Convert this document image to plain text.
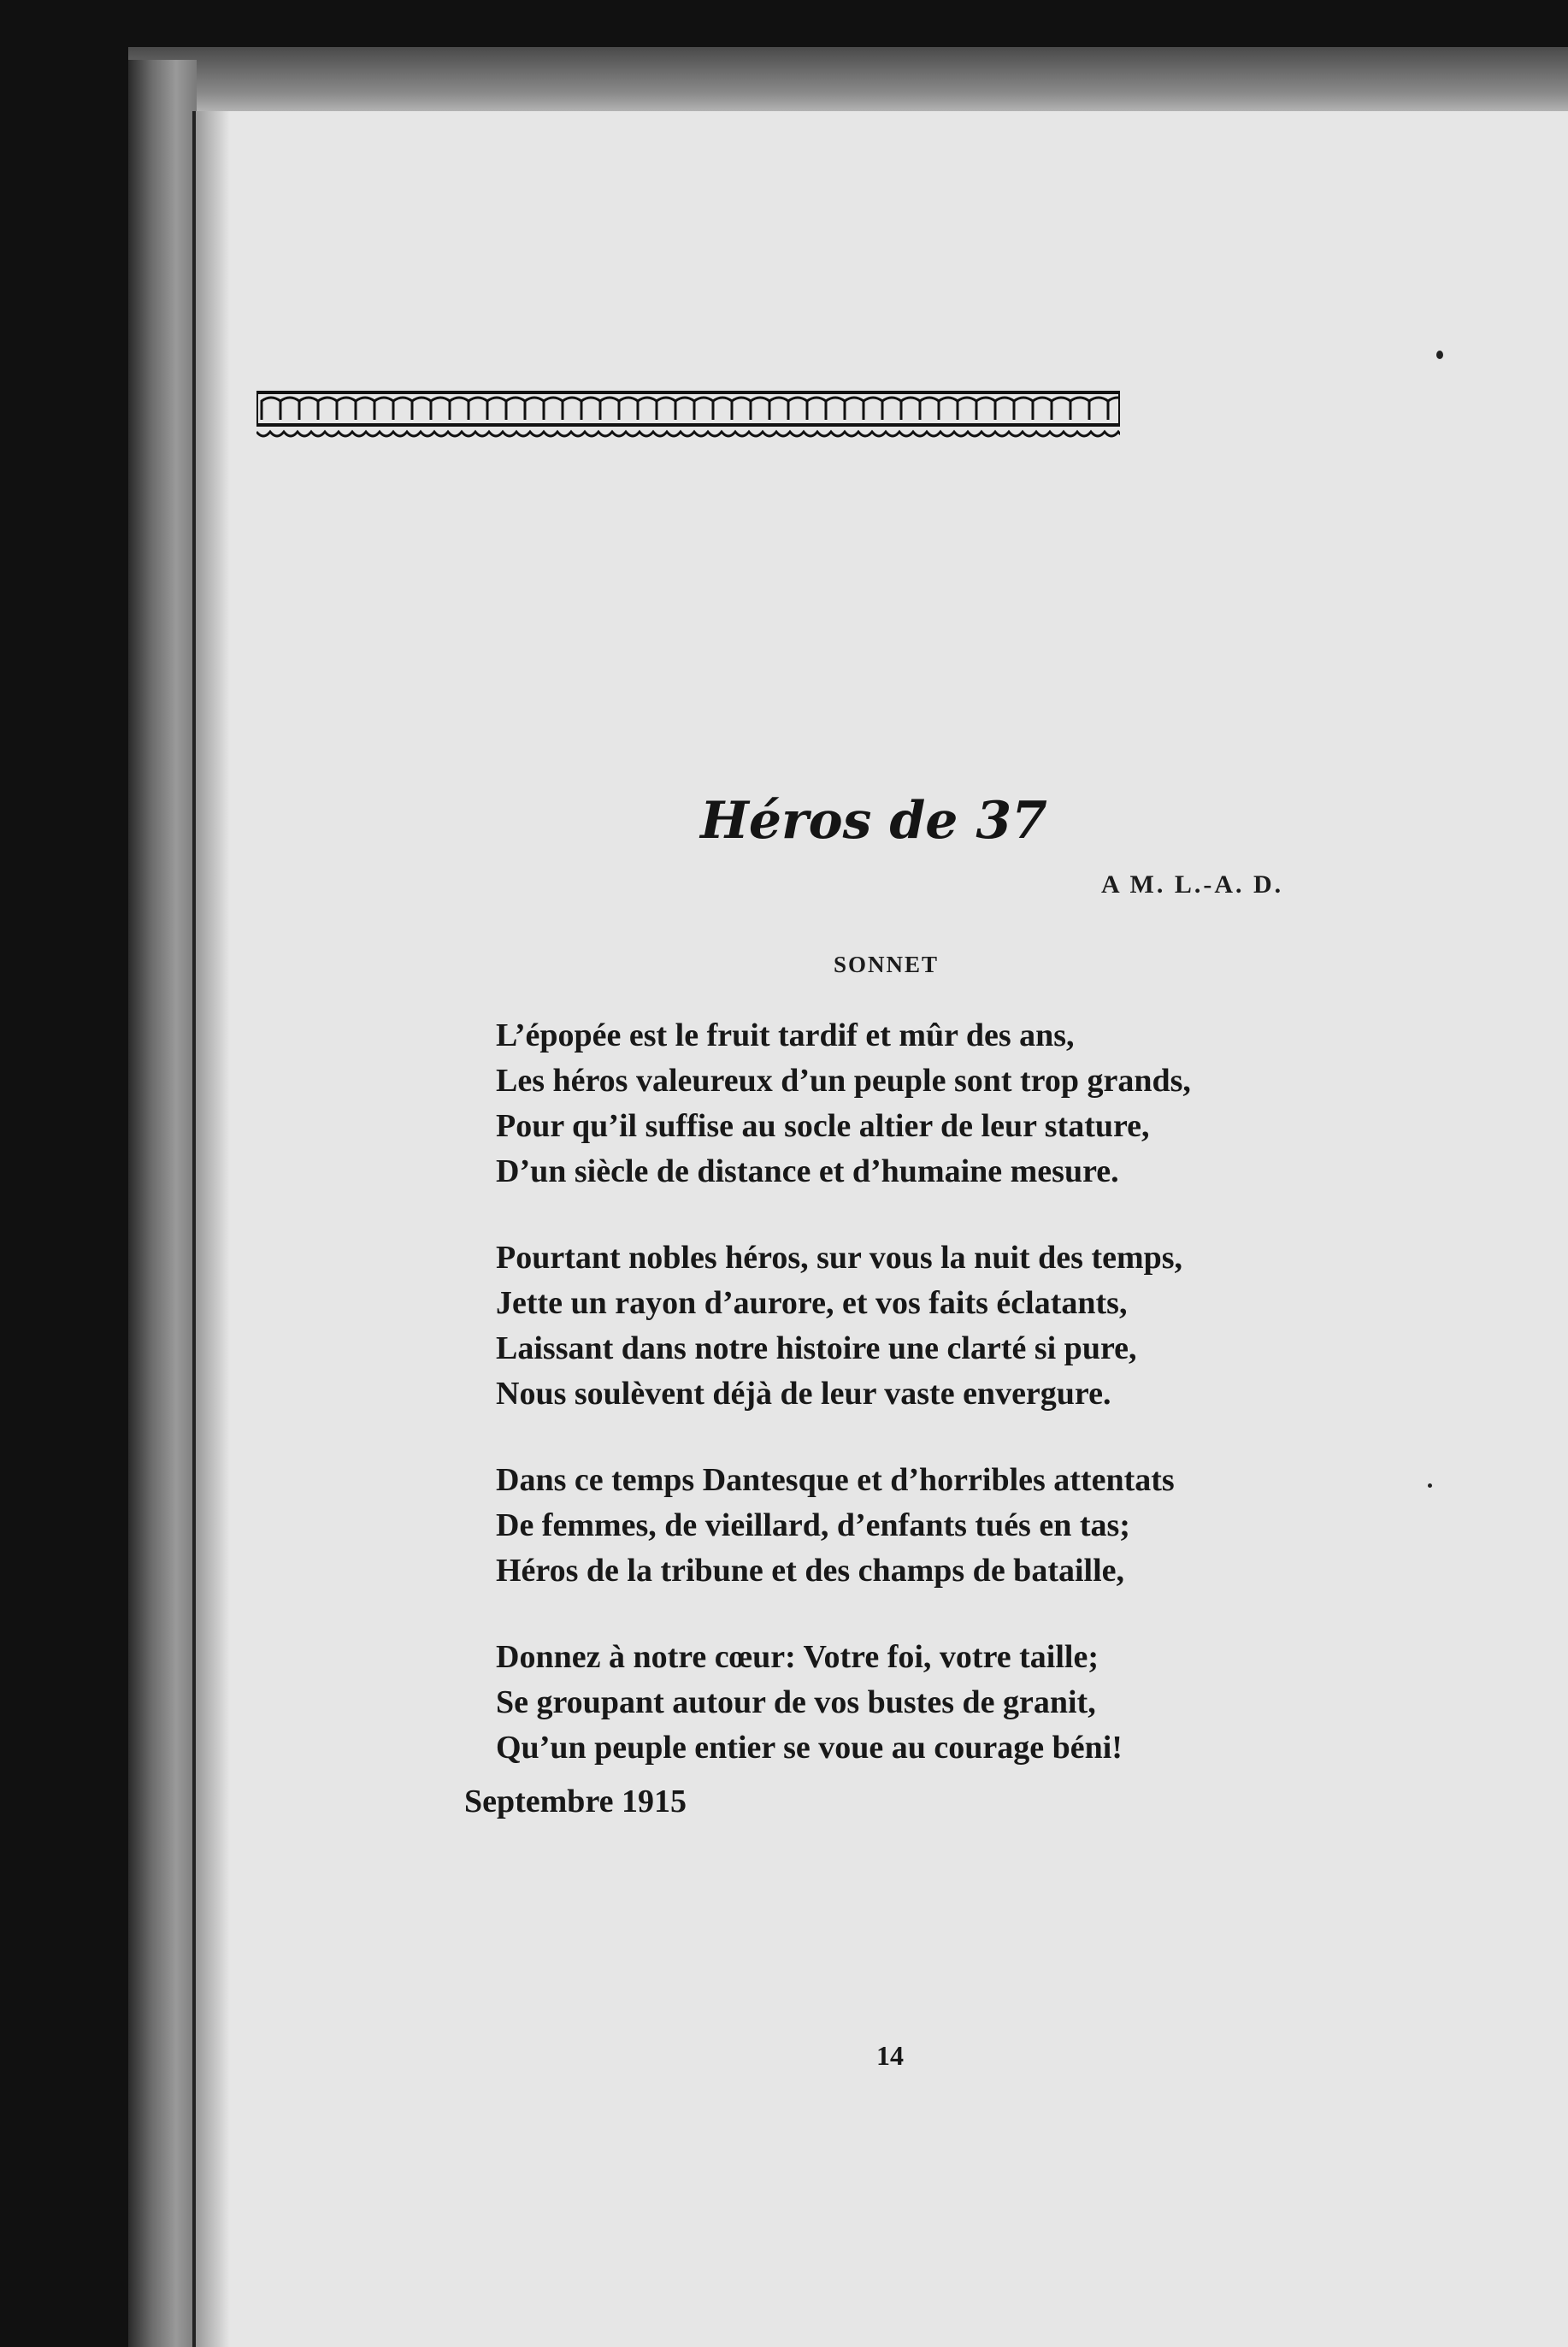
Héros de 37
A M. L.-A. D.
SONNET
L’épopée est le fruit tardif et mûr des ans,
Les héros valeureux d’un peuple sont trop grands,
Pour qu’il suffise au socle altier de leur stature,
D’un siècle de distance et d’humaine mesure.
Pourtant nobles héros, sur vous la nuit des temps,
Jette un rayon d’aurore, et vos faits éclatants,
Laissant dans notre histoire une clarté si pure,
Nous soulèvent déjà de leur vaste envergure.
Dans ce temps Dantesque et d’horribles attentats
De femmes, de vieillard, d’enfants tués en tas;
Héros de la tribune et des champs de bataille,
Donnez à notre cœur: Votre foi, votre taille;
Se groupant autour de vos bustes de granit,
Qu’un peuple entier se voue au courage béni!
Septembre 1915
14
